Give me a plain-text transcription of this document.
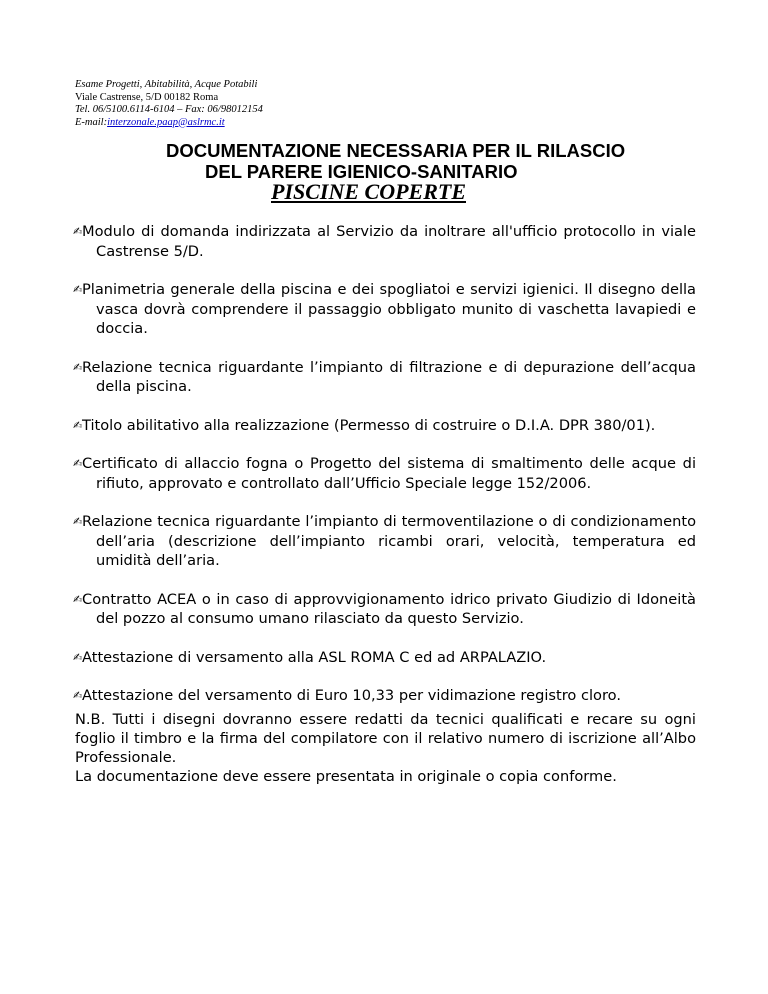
Esame Progetti, Abitabilità, Acque Potabili
Viale Castrense, 5/D 00182 Roma
Tel. 06/5100.6114-6104 – Fax: 06/98012154
E-mail:interzonale.paap@aslrmc.it
DOCUMENTAZIONE NECESSARIA PER IL RILASCIO
DEL PARERE IGIENICO-SANITARIO
PISCINE COPERTE
✍ Modulo di domanda indirizzata al Servizio da inoltrare all'ufficio protocollo in viale Castrense 5/D.
✍ Planimetria generale della piscina e dei spogliatoi e servizi igienici. Il disegno della vasca dovrà comprendere il passaggio obbligato munito di vaschetta lavapiedi e doccia.
✍ Relazione tecnica riguardante l’impianto di filtrazione e di depurazione dell’acqua della piscina.
✍ Titolo abilitativo alla realizzazione (Permesso di costruire o D.I.A. DPR 380/01).
✍ Certificato di allaccio fogna o Progetto del sistema di smaltimento delle acque di rifiuto, approvato e controllato dall’Ufficio Speciale legge 152/2006.
✍ Relazione tecnica riguardante l’impianto di termoventilazione o di condizionamento dell’aria (descrizione dell’impianto ricambi orari, velocità, temperatura ed umidità dell’aria.
✍ Contratto ACEA o in caso di approvvigionamento idrico privato Giudizio di Idoneità del pozzo al consumo umano rilasciato da questo Servizio.
✍ Attestazione di versamento alla ASL ROMA C ed ad ARPALAZIO.
✍ Attestazione del versamento di Euro 10,33 per vidimazione registro cloro.

N.B. Tutti i disegni dovranno essere redatti da tecnici qualificati e recare su ogni foglio il timbro e la firma del compilatore con il relativo numero di iscrizione all’Albo Professionale.

La documentazione deve essere presentata in originale o copia conforme.
